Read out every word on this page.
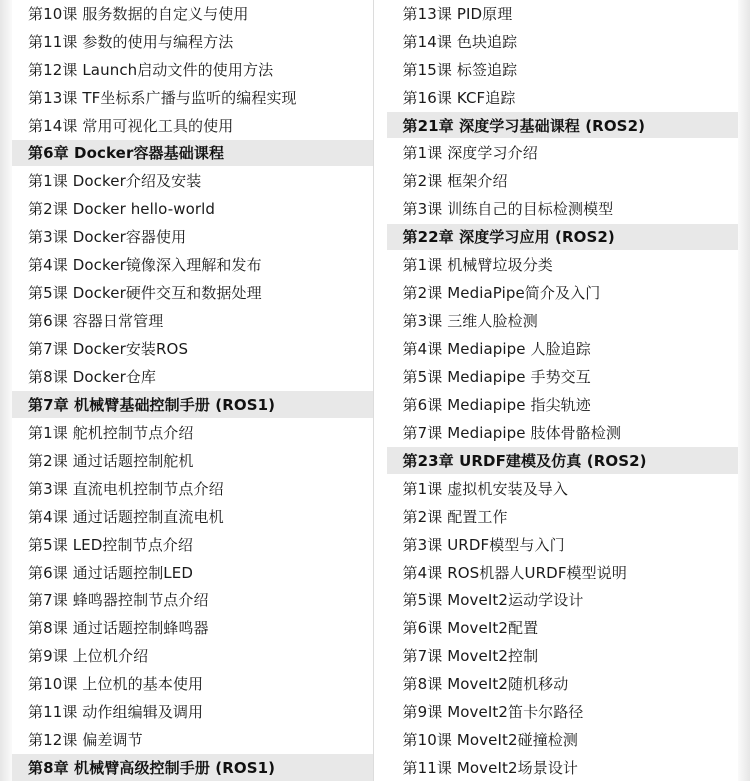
第10课 服务数据的自定义与使用
第11课 参数的使用与编程方法
第12课 Launch启动文件的使用方法
第13课 TF坐标系广播与监听的编程实现
第14课 常用可视化工具的使用
第6章 Docker容器基础课程
第1课 Docker介绍及安装
第2课 Docker hello-world
第3课 Docker容器使用
第4课 Docker镜像深入理解和发布
第5课 Docker硬件交互和数据处理
第6课 容器日常管理
第7课 Docker安装ROS
第8课 Docker仓库
第7章 机械臂基础控制手册 (ROS1)
第1课 舵机控制节点介绍
第2课 通过话题控制舵机
第3课 直流电机控制节点介绍
第4课 通过话题控制直流电机
第5课 LED控制节点介绍
第6课 通过话题控制LED
第7课 蜂鸣器控制节点介绍
第8课 通过话题控制蜂鸣器
第9课 上位机介绍
第10课 上位机的基本使用
第11课 动作组编辑及调用
第12课 偏差调节
第8章 机械臂高级控制手册 (ROS1)
第13课 PID原理
第14课 色块追踪
第15课 标签追踪
第16课 KCF追踪
第21章 深度学习基础课程 (ROS2)
第1课 深度学习介绍
第2课 框架介绍
第3课 训练自己的目标检测模型
第22章 深度学习应用 (ROS2)
第1课 机械臂垃圾分类
第2课 MediaPipe简介及入门
第3课 三维人脸检测
第4课 Mediapipe 人脸追踪
第5课 Mediapipe 手势交互
第6课 Mediapipe 指尖轨迹
第7课 Mediapipe 肢体骨骼检测
第23章 URDF建模及仿真 (ROS2)
第1课 虚拟机安装及导入
第2课 配置工作
第3课 URDF模型与入门
第4课 ROS机器人URDF模型说明
第5课 MoveIt2运动学设计
第6课 MoveIt2配置
第7课 MoveIt2控制
第8课 MoveIt2随机移动
第9课 MoveIt2笛卡尔路径
第10课 MoveIt2碰撞检测
第11课 MoveIt2场景设计
